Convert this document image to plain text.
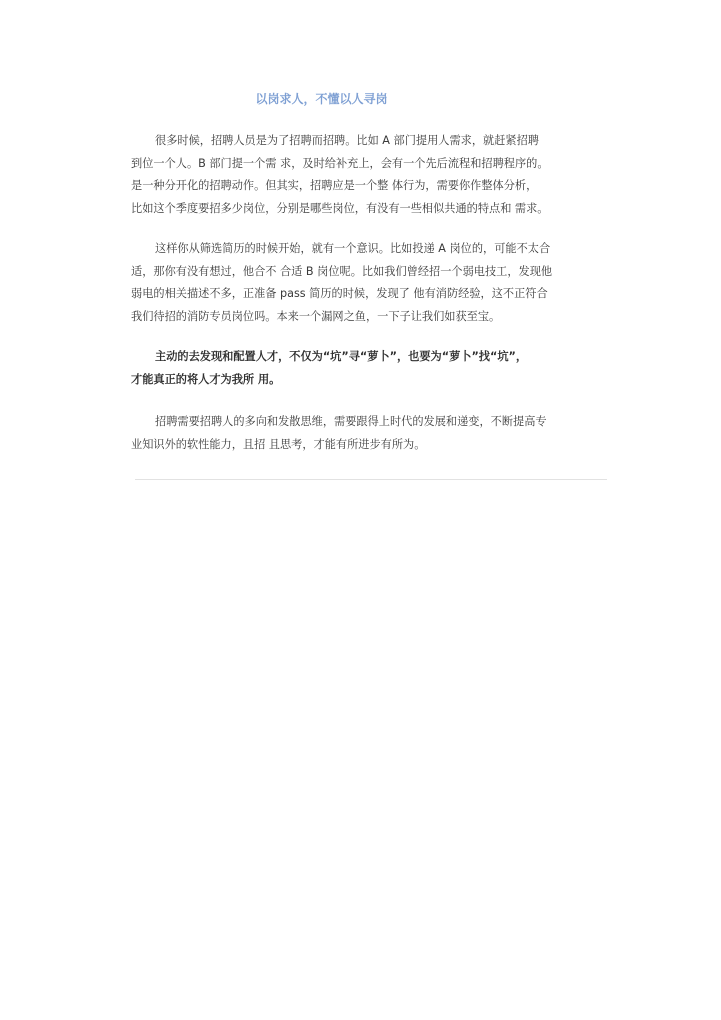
以岗求人，不懂以人寻岗
很多时候，招聘人员是为了招聘而招聘。比如 A 部门提用人需求，就赶紧招聘
到位一个人。B 部门提一个需 求，及时给补充上，会有一个先后流程和招聘程序的。
是一种分开化的招聘动作。但其实，招聘应是一个整 体行为，需要你作整体分析，
比如这个季度要招多少岗位，分别是哪些岗位，有没有一些相似共通的特点和 需求。
这样你从筛选简历的时候开始，就有一个意识。比如投递 A 岗位的，可能不太合
适，那你有没有想过，他合不 合适 B 岗位呢。比如我们曾经招一个弱电技工，发现他
弱电的相关描述不多，正准备 pass 简历的时候，发现了 他有消防经验，这不正符合
我们待招的消防专员岗位吗。本来一个漏网之鱼，一下子让我们如获至宝。
主动的去发现和配置人才，不仅为“坑”寻“萝卜”，也要为“萝卜”找“坑”，
才能真正的将人才为我所 用。
招聘需要招聘人的多向和发散思维，需要跟得上时代的发展和递变，不断提高专
业知识外的软性能力，且招 且思考，才能有所进步有所为。
